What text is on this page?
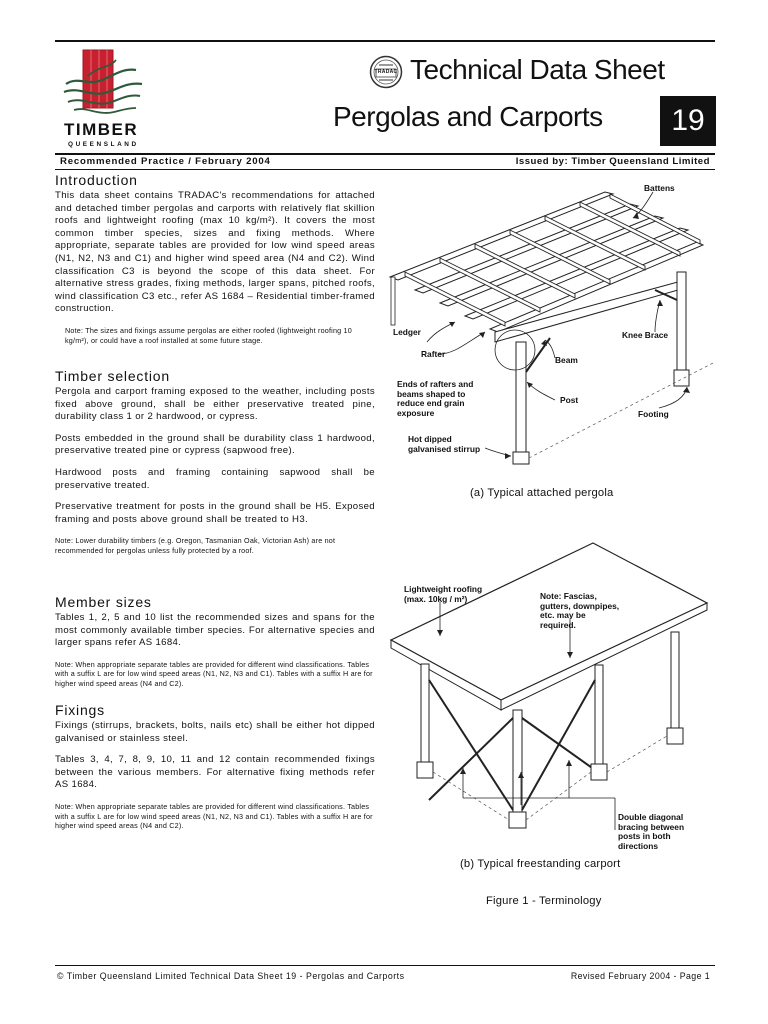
TIMBER
QUEENSLAND
TRADAC Technical Data Sheet
Pergolas and Carports	19
Recommended Practice / February 2004	Issued by: Timber Queensland Limited
Introduction
This data sheet contains TRADAC's recommendations for attached and detached timber pergolas and carports with relatively flat skillion roofs and lightweight roofing (max 10 kg/m²). It covers the most common timber species, sizes and fixing methods. Where appropriate, separate tables are provided for low wind speed areas (N1, N2, N3 and C1) and higher wind speed area (N4 and C2). Wind classification C3 is beyond the scope of this data sheet. For alternative stress grades, fixing methods, larger spans, pitched roofs, wind classification C3 etc., refer AS 1684 – Residential timber-framed construction.
Note: The sizes and fixings assume pergolas are either roofed (lightweight roofing 10 kg/m²), or could have a roof installed at some future stage.
Timber selection
Pergola and carport framing exposed to the weather, including posts fixed above ground, shall be either preservative treated pine, durability class 1 or 2 hardwood, or cypress.
Posts embedded in the ground shall be durability class 1 hardwood, preservative treated pine or cypress (sapwood free).
Hardwood posts and framing containing sapwood shall be preservative treated.
Preservative treatment for posts in the ground shall be H5. Exposed framing and posts above ground shall be treated to H3.
Note: Lower durability timbers (e.g. Oregon, Tasmanian Oak, Victorian Ash) are not recommended for pergolas unless fully protected by a roof.
Member sizes
Tables 1, 2, 5 and 10 list the recommended sizes and spans for the most commonly available timber species. For alternative species and larger spans refer AS 1684.
Note: When appropriate separate tables are provided for different wind classifications. Tables with a suffix L are for low wind speed areas (N1, N2, N3 and C1). Tables with a suffix H are for higher wind speed areas (N4 and C2).
Fixings
Fixings (stirrups, brackets, bolts, nails etc) shall be either hot dipped galvanised or stainless steel.
Tables 3, 4, 7, 8, 9, 10, 11 and 12 contain recommended fixings between the various members. For alternative fixing methods refer AS 1684.
Note: When appropriate separate tables are provided for different wind classifications. Tables with a suffix L are for low wind speed areas (N1, N2, N3 and C1). Tables with a suffix H are for higher wind speed areas (N4 and C2).
Battens
Ledger	Knee Brace
Rafter
Beam
Ends of rafters and beams shaped to reduce end grain exposure
Post
Footing
Hot dipped galvanised stirrup
(a) Typical attached pergola
Lightweight roofing (max. 10kg / m²)	Note: Fascias, gutters, downpipes, etc. may be required.
Double diagonal bracing between posts in both directions
(b) Typical freestanding carport
Figure 1 - Terminology
© Timber Queensland Limited Technical Data Sheet 19 - Pergolas and Carports	Revised February 2004 - Page 1
